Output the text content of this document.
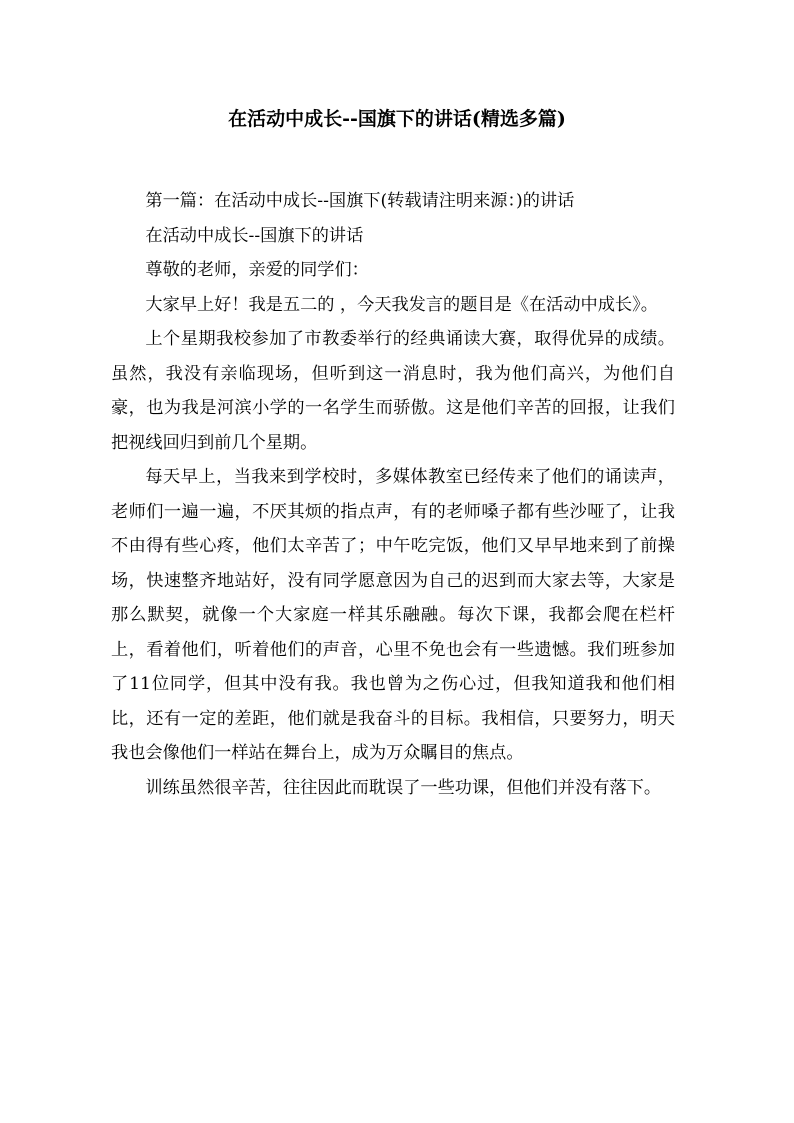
在活动中成长--国旗下的讲话(精选多篇)

第一篇：在活动中成长--国旗下(转载请注明来源：)的讲话

在活动中成长--国旗下的讲话

尊敬的老师，亲爱的同学们：

大家早上好！我是五二的 ，今天我发言的题目是《在活动中成长》。

上个星期我校参加了市教委举行的经典诵读大赛，取得优异的成绩。虽然，我没有亲临现场，但听到这一消息时，我为他们高兴，为他们自豪，也为我是河滨小学的一名学生而骄傲。这是他们辛苦的回报，让我们把视线回归到前几个星期。

每天早上，当我来到学校时，多媒体教室已经传来了他们的诵读声，老师们一遍一遍，不厌其烦的指点声，有的老师嗓子都有些沙哑了，让我不由得有些心疼，他们太辛苦了；中午吃完饭，他们又早早地来到了前操场，快速整齐地站好，没有同学愿意因为自己的迟到而大家去等，大家是那么默契，就像一个大家庭一样其乐融融。每次下课，我都会爬在栏杆上，看着他们，听着他们的声音，心里不免也会有一些遗憾。我们班参加了11位同学，但其中没有我。我也曾为之伤心过，但我知道我和他们相比，还有一定的差距，他们就是我奋斗的目标。我相信，只要努力，明天我也会像他们一样站在舞台上，成为万众瞩目的焦点。

训练虽然很辛苦，往往因此而耽误了一些功课，但他们并没有落下。
